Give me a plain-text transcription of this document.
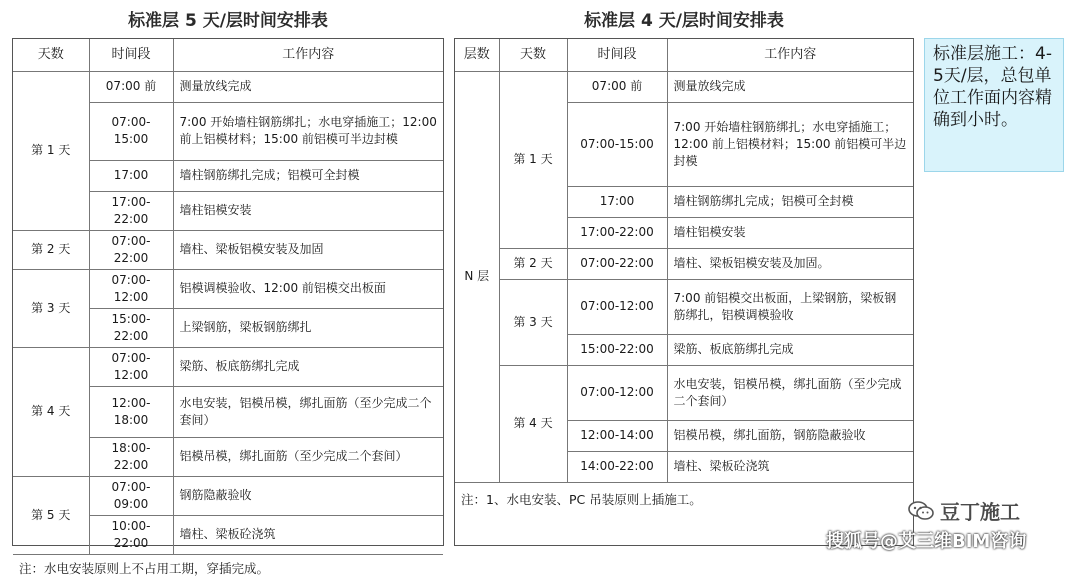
标准层 5 天/层时间安排表	标准层 4 天/层时间安排表
天数	时间段	工作内容
第 1 天	07:00 前	测量放线完成
	07:00-15:00	7:00 开始墙柱钢筋绑扎；水电穿插施工；12:00 前上铝模材料；15:00 前铝模可半边封模
	17:00	墙柱钢筋绑扎完成；铝模可全封模
	17:00-22:00	墙柱铝模安装
第 2 天	07:00-22:00	墙柱、梁板铝模安装及加固
第 3 天	07:00-12:00	铝模调模验收、12:00 前铝模交出板面
	15:00-22:00	上梁钢筋，梁板钢筋绑扎
第 4 天	07:00-12:00	梁筋、板底筋绑扎完成
	12:00-18:00	水电安装，铝模吊模，绑扎面筋（至少完成二个套间）
	18:00-22:00	铝模吊模，绑扎面筋（至少完成二个套间）
第 5 天	07:00-09:00	钢筋隐蔽验收
	10:00-22:00	墙柱、梁板砼浇筑
注：水电安装原则上不占用工期，穿插完成。
层数	天数	时间段	工作内容
N 层	第 1 天	07:00 前	测量放线完成
		07:00-15:00	7:00 开始墙柱钢筋绑扎；水电穿插施工；12:00 前上铝模材料；15:00 前铝模可半边封模
		17:00	墙柱钢筋绑扎完成；铝模可全封模
		17:00-22:00	墙柱铝模安装
	第 2 天	07:00-22:00	墙柱、梁板铝模安装及加固。
	第 3 天	07:00-12:00	7:00 前铝模交出板面，上梁钢筋，梁板钢筋绑扎，铝模调模验收
		15:00-22:00	梁筋、板底筋绑扎完成
	第 4 天	07:00-12:00	水电安装，铝模吊模，绑扎面筋（至少完成二个套间）
		12:00-14:00	铝模吊模，绑扎面筋，钢筋隐蔽验收
		14:00-22:00	墙柱、梁板砼浇筑
注：1、水电安装、PC 吊装原则上插施工。
标准层施工：4-5天/层，总包单位工作面内容精确到小时。
豆丁施工
搜狐号@艾三维BIM咨询
